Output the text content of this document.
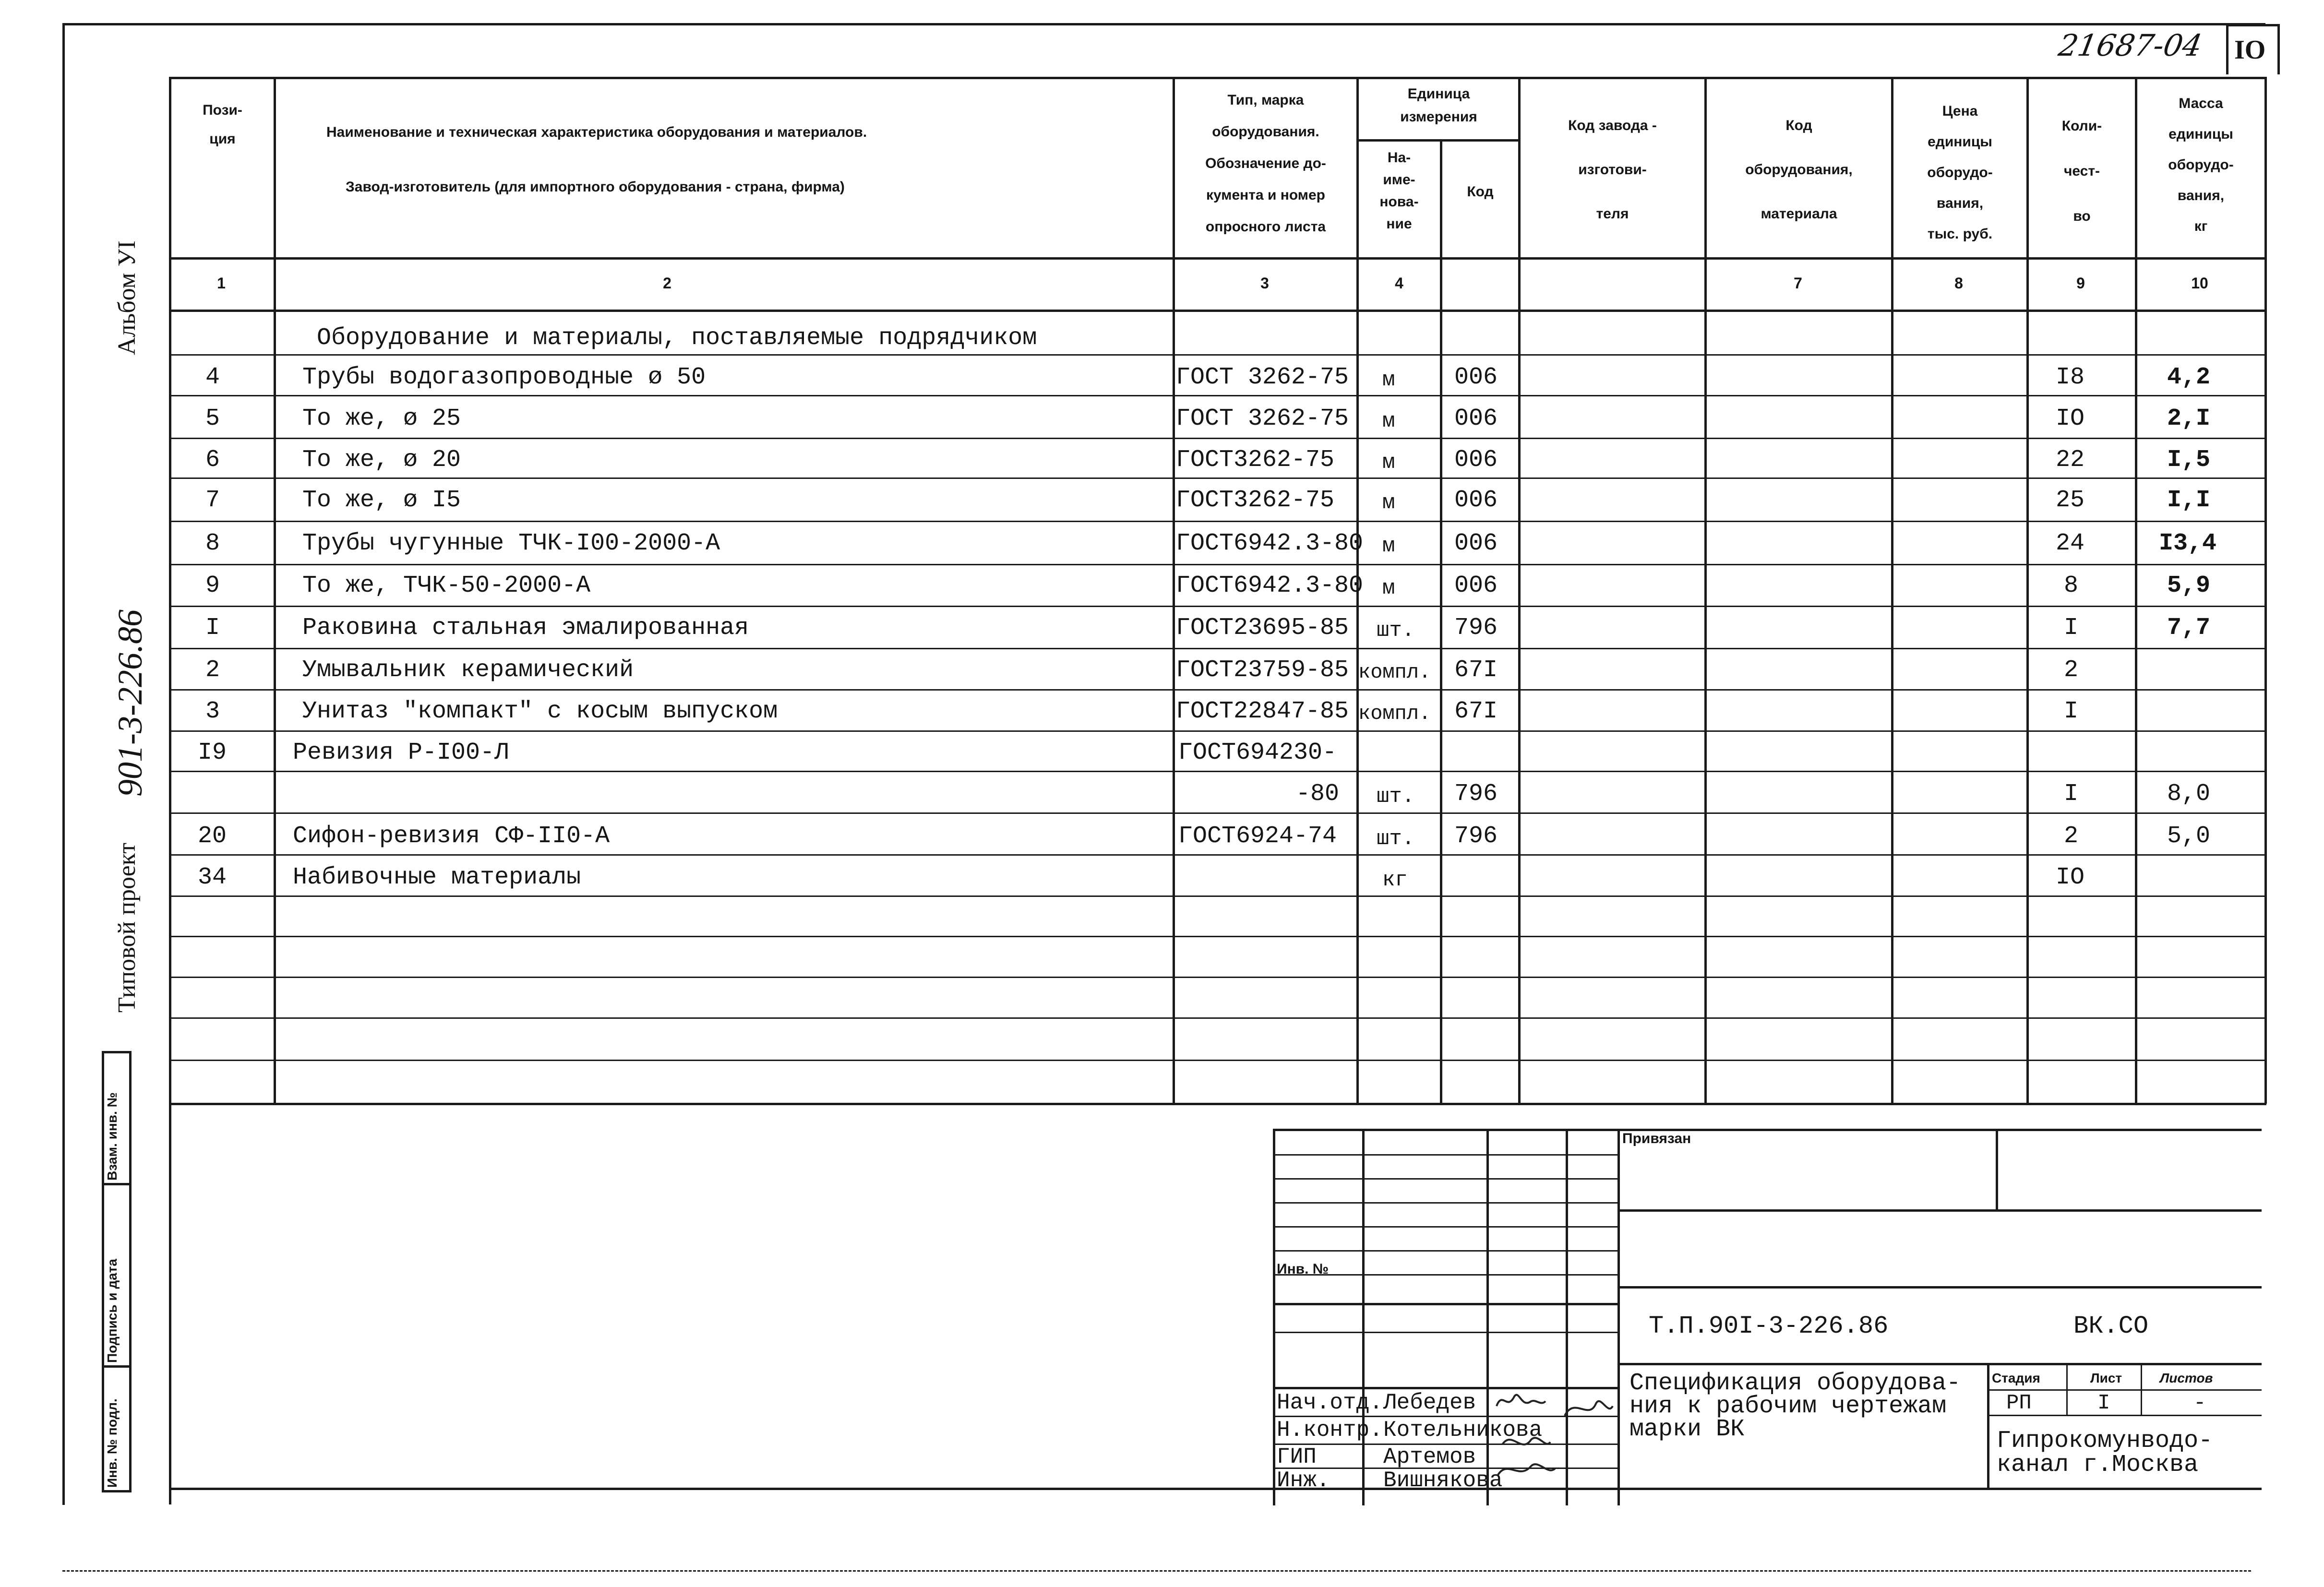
21687-04 IO
Альбом УI
901-3-226.86
Типовой проект
Инв. № подл.
Подпись и дата
Взам. инв. №
Пози-
ция	Наименование и техническая характеристика оборудования и материалов.
Завод-изготовитель (для импортного оборудования - страна, фирма)
Тип, марка
оборудования.
Обозначение до-
кумента и номер
опросного листа
Единица
измерения
На-
име-
нова-
ние
Код
Код завода -
изготови-
теля
Код
оборудования,
материала
Цена
единицы
оборудо-
вания,
тыс. руб.
Коли-
чест-
во
Масса
единицы
оборудо-
вания,
кг
1	2	3	4	7	8	9	10
Оборудование и материалы, поставляемые подрядчиком
4	Трубы водогазопроводные ø 50	ГОСТ 3262-75 м 006	I8	4,2
5	То же, ø 25	ГОСТ 3262-75 м 006	IO	2,I
6	То же, ø 20	ГОСТ3262-75 м 006	22	I,5
7	То же, ø I5	ГОСТ3262-75 м 006	25	I,I
8	Трубы чугунные ТЧК-I00-2000-А	ГОСТ6942.3-80 м 006	24	I3,4
9	То же, ТЧК-50-2000-А	ГОСТ6942.3-80 м 006	8	5,9
I	Раковина стальная эмалированная	ГОСТ23695-85 шт. 796	I	7,7
2	Умывальник керамический	ГОСТ23759-85 компл. 67I	2
3	Унитаз "компакт" с косым выпуском	ГОСТ22847-85 компл. 67I	I
I9	Ревизия Р-I00-Л	ГОСТ694230-
-80 шт. 796	I	8,0
20	Сифон-ревизия СФ-II0-А	ГОСТ6924-74 шт. 796	2	5,0
34	Набивочные материалы	кг	IO
Привязан
Инв. №
Т.П.90I-3-226.86	ВК.СО
Спецификация оборудова-
ния к рабочим чертежам
марки ВК
Стадия	Лист	Листов
РП	I	-
Гипрокомунводо-
канал г.Москва
Нач.отд. Лебедев
Н.контр. Котельникова
ГИП	Артемов
Инж. Вишнякова
